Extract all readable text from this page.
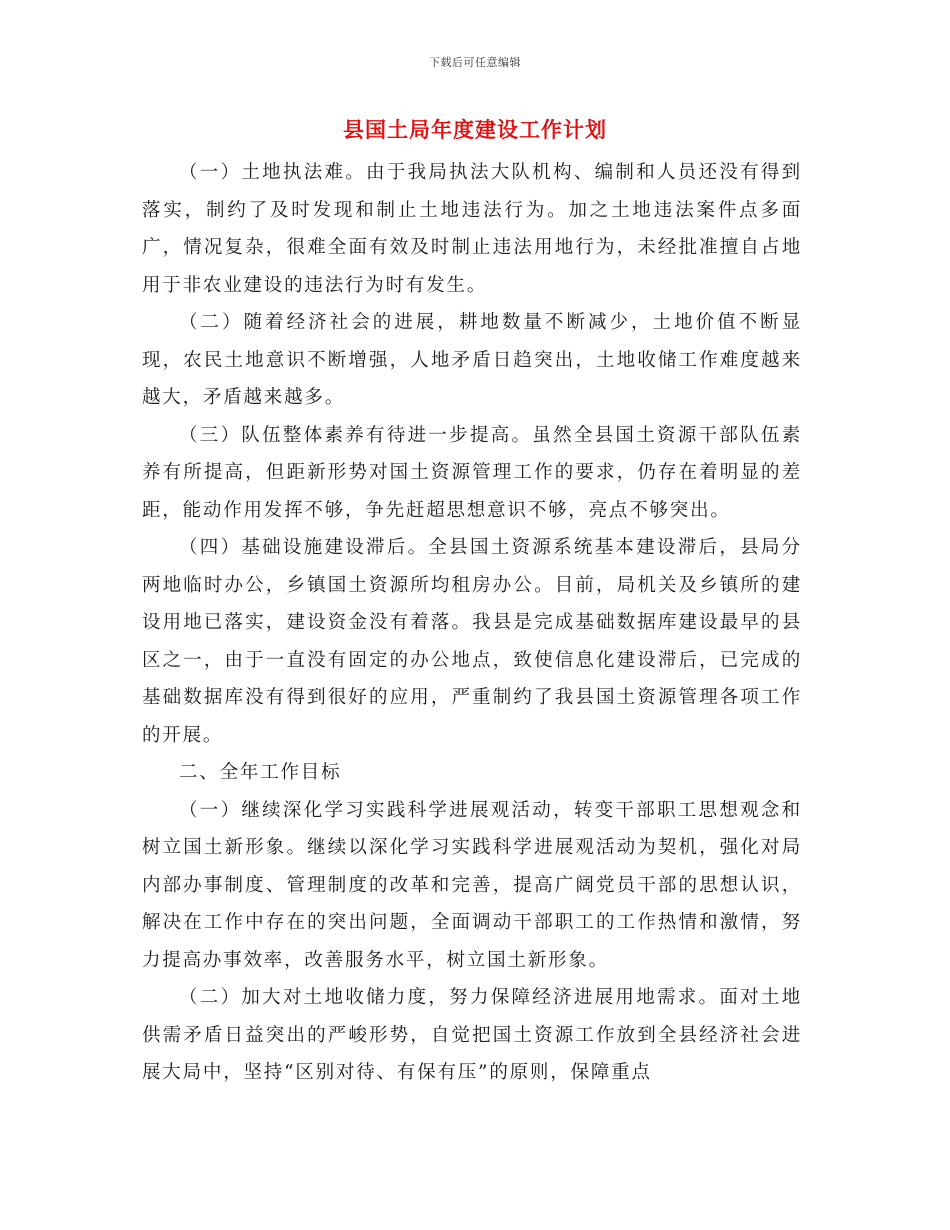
下载后可任意编辑
县国土局年度建设工作计划

（一）土地执法难。由于我局执法大队机构、编制和人员还没有得到落实，制约了及时发现和制止土地违法行为。加之土地违法案件点多面广，情况复杂，很难全面有效及时制止违法用地行为，未经批准擅自占地用于非农业建设的违法行为时有发生。

（二）随着经济社会的进展，耕地数量不断减少，土地价值不断显现，农民土地意识不断增强，人地矛盾日趋突出，土地收储工作难度越来越大，矛盾越来越多。

（三）队伍整体素养有待进一步提高。虽然全县国土资源干部队伍素养有所提高，但距新形势对国土资源管理工作的要求，仍存在着明显的差距，能动作用发挥不够，争先赶超思想意识不够，亮点不够突出。

（四）基础设施建设滞后。全县国土资源系统基本建设滞后，县局分两地临时办公，乡镇国土资源所均租房办公。目前，局机关及乡镇所的建设用地已落实，建设资金没有着落。我县是完成基础数据库建设最早的县区之一，由于一直没有固定的办公地点，致使信息化建设滞后，已完成的基础数据库没有得到很好的应用，严重制约了我县国土资源管理各项工作的开展。

二、全年工作目标

（一）继续深化学习实践科学进展观活动，转变干部职工思想观念和树立国土新形象。继续以深化学习实践科学进展观活动为契机，强化对局内部办事制度、管理制度的改革和完善，提高广阔党员干部的思想认识，解决在工作中存在的突出问题，全面调动干部职工的工作热情和激情，努力提高办事效率，改善服务水平，树立国土新形象。

（二）加大对土地收储力度，努力保障经济进展用地需求。面对土地供需矛盾日益突出的严峻形势，自觉把国土资源工作放到全县经济社会进展大局中，坚持“区别对待、有保有压”的原则，保障重点
